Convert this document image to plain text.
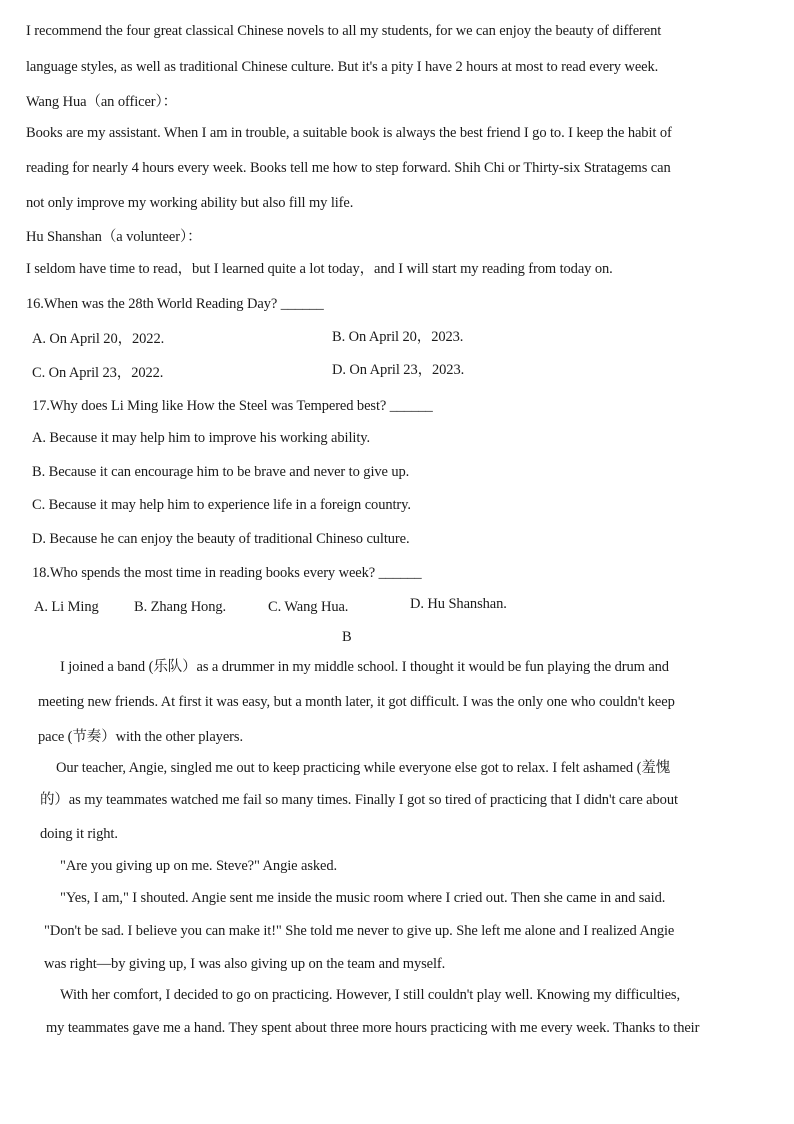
I recommend the four great classical Chinese novels to all my students, for we can enjoy the beauty of different
language styles, as well as traditional Chinese culture. But it's a pity I have 2 hours at most to read every week.
Wang Hua（an officer）：
Books are my assistant. When I am in trouble, a suitable book is always the best friend I go to. I keep the habit of
reading for nearly 4 hours every week. Books tell me how to step forward. Shih Chi or Thirty-six Stratagems can
not only improve my working ability but also fill my life.
Hu Shanshan（a volunteer）：
I seldom have time to read，but I learned quite a lot today，and I will start my reading from today on.
16.When was the 28th World Reading Day? ______
A. On April 20，2022.	B. On April 20，2023.
C. On April 23，2022.	D. On April 23，2023.
17.Why does Li Ming like How the Steel was Tempered best? ______
A. Because it may help him to improve his working ability.
B. Because it can encourage him to be brave and never to give up.
C. Because it may help him to experience life in a foreign country.
D. Because he can enjoy the beauty of traditional Chineso culture.
18.Who spends the most time in reading books every week? ______
A. Li Ming B. Zhang Hong.	C. Wang Hua.	D. Hu Shanshan.
B
I joined a band (乐队）as a drummer in my middle school. I thought it would be fun playing the drum and
meeting new friends. At first it was easy, but a month later, it got difficult. I was the only one who couldn't keep
pace (节奏）with the other players.
Our teacher, Angie, singled me out to keep practicing while everyone else got to relax. I felt ashamed (羞愧
的）as my teammates watched me fail so many times. Finally I got so tired of practicing that I didn't care about
doing it right.
"Are you giving up on me. Steve?" Angie asked.
"Yes, I am," I shouted. Angie sent me inside the music room where I cried out. Then she came in and said.
"Don't be sad. I believe you can make it!" She told me never to give up. She left me alone and I realized Angie
was right—by giving up, I was also giving up on the team and myself.
With her comfort, I decided to go on practicing. However, I still couldn't play well. Knowing my difficulties,
my teammates gave me a hand. They spent about three more hours practicing with me every week. Thanks to their
